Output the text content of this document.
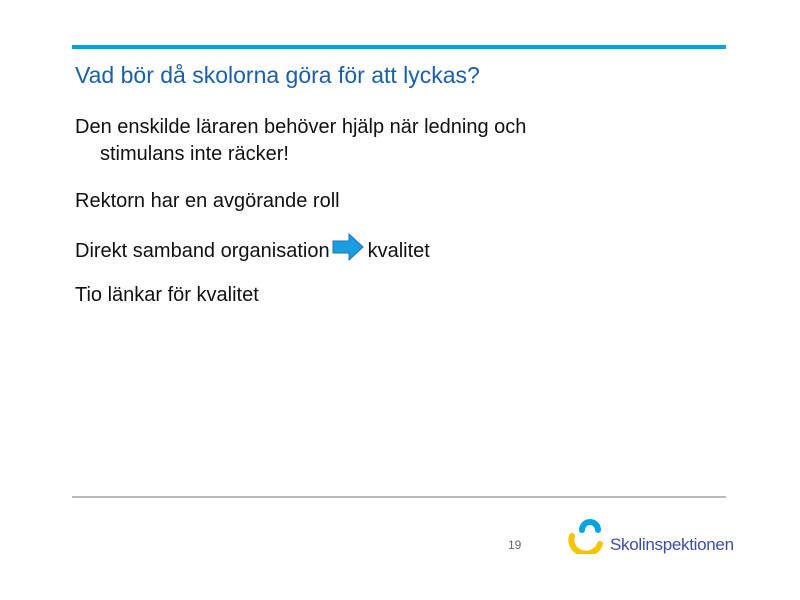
Vad bör då skolorna göra för att lyckas?
Den enskilde läraren behöver hjälp när ledning och
stimulans inte räcker!
Rektorn har en avgörande roll
Direkt samband organisation kvalitet
Tio länkar för kvalitet
19	Skolinspektionen
